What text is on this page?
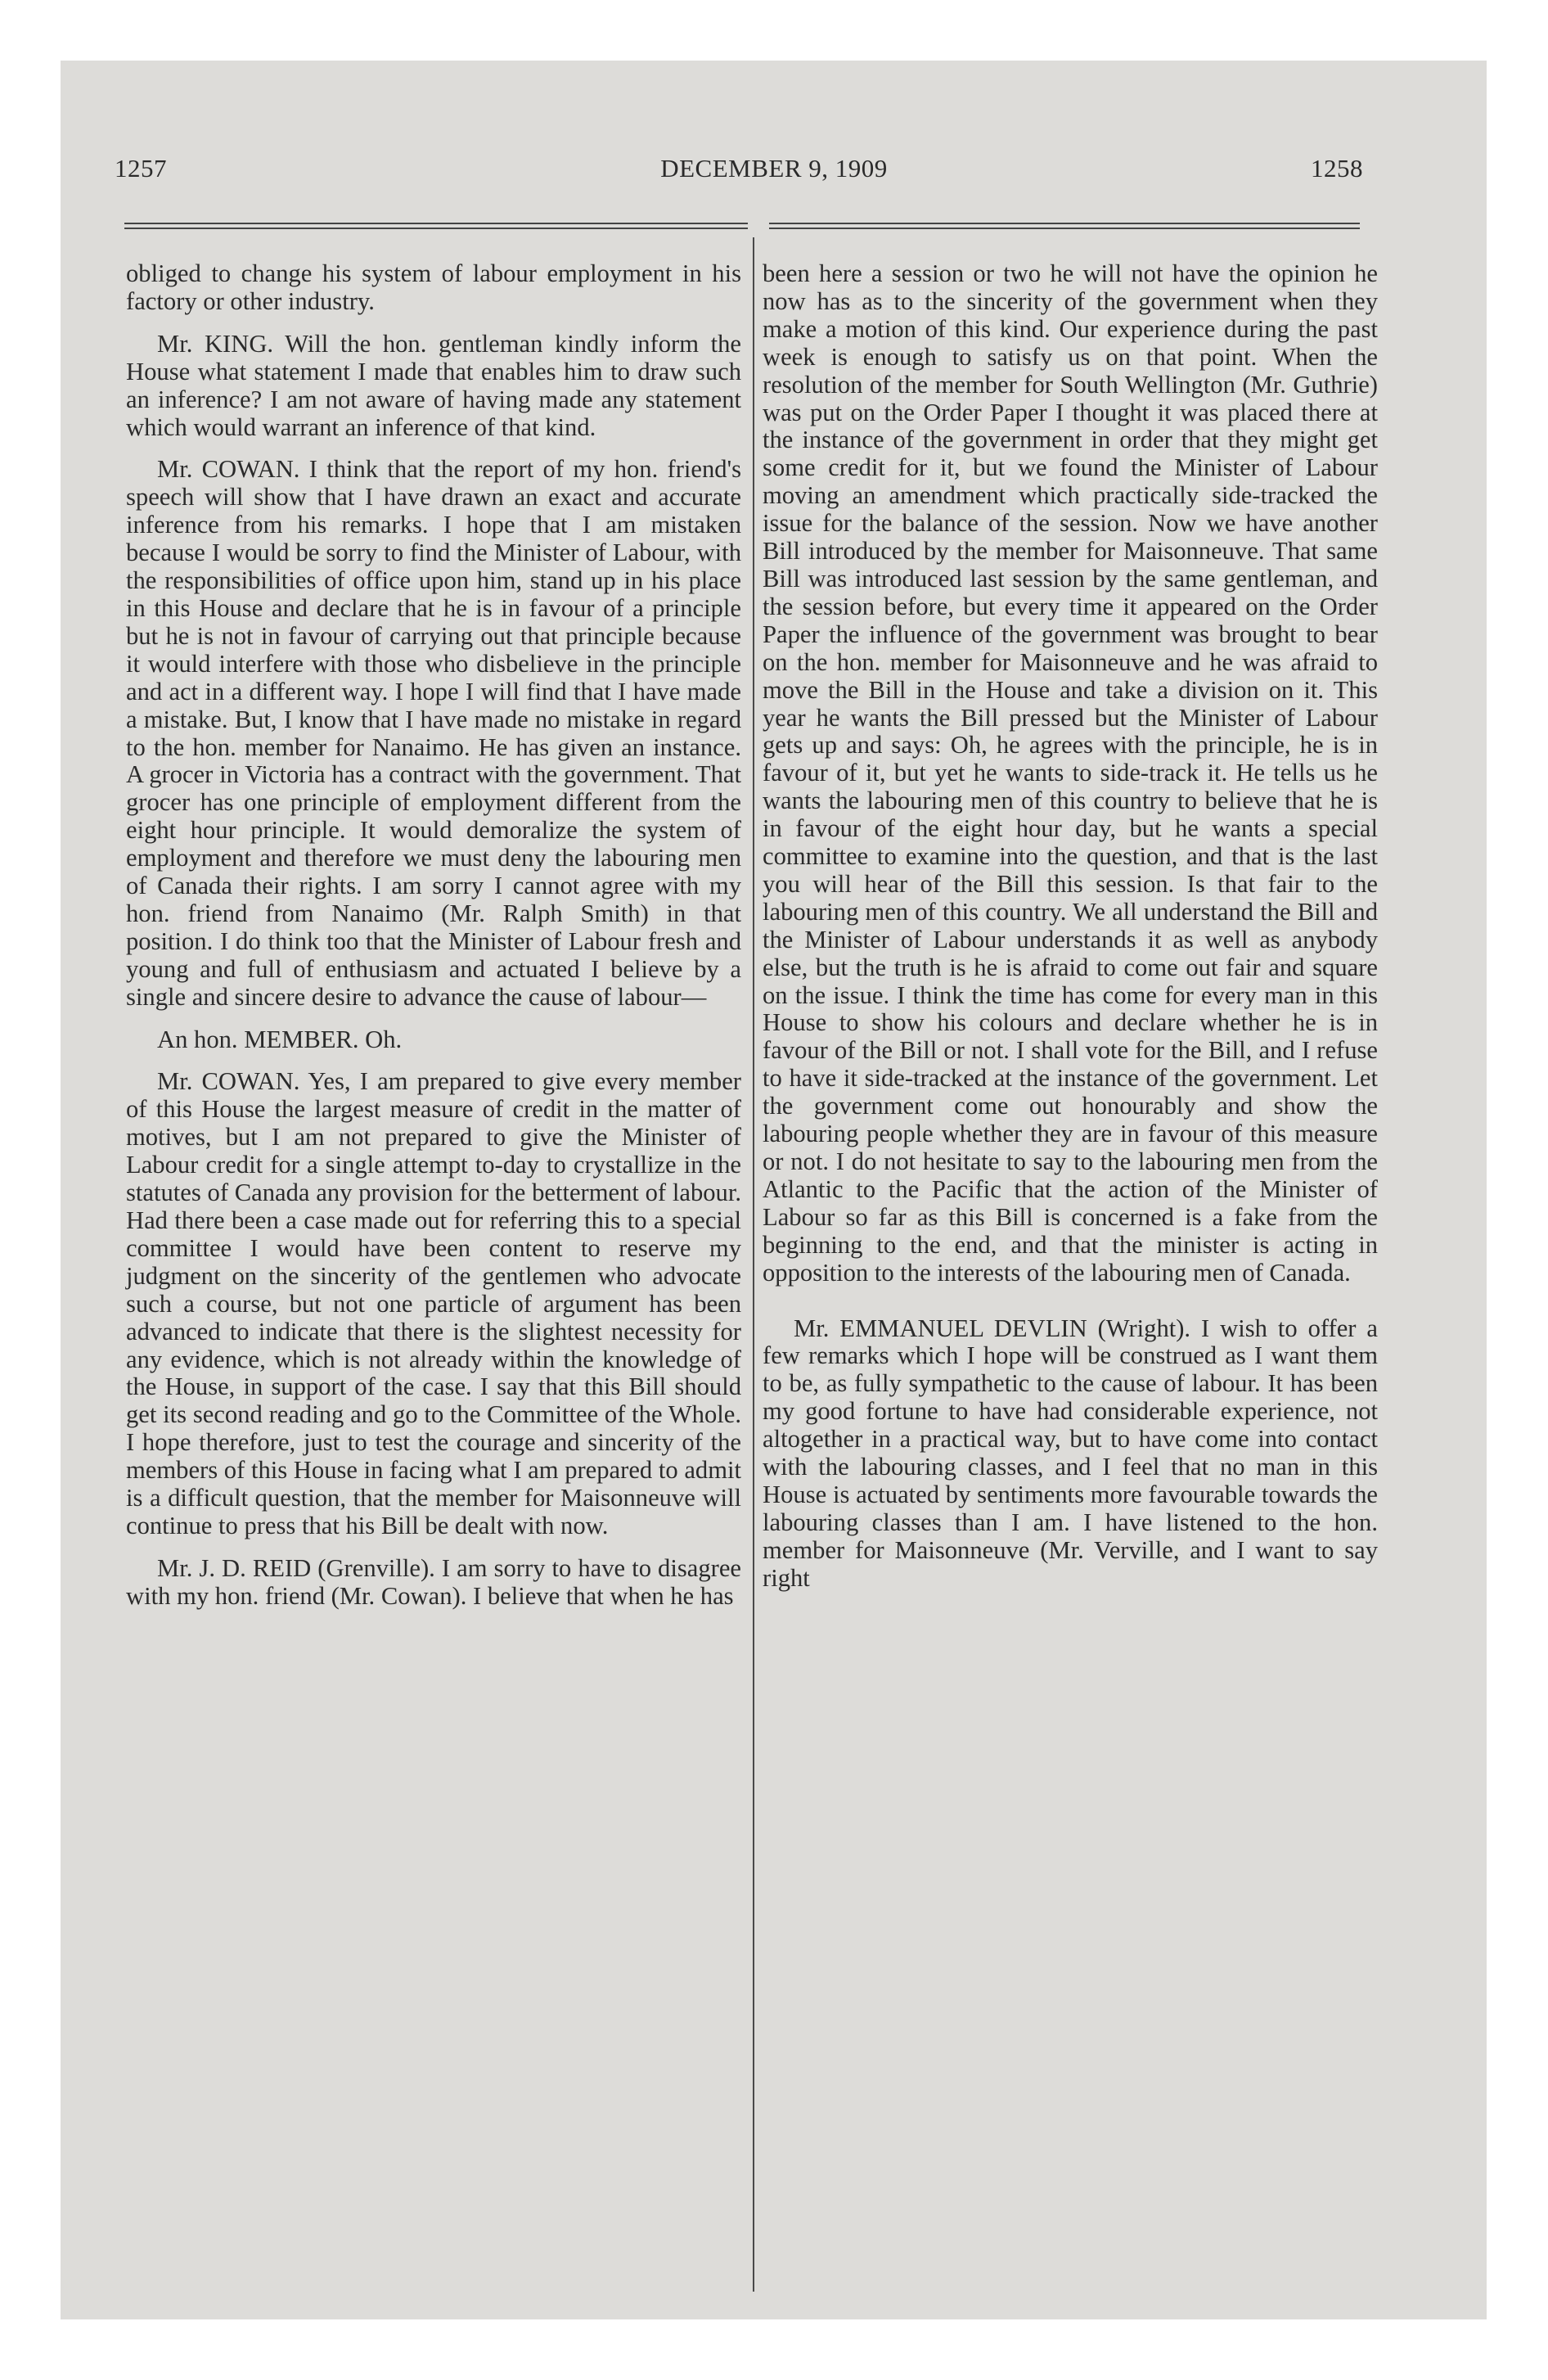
1257	DECEMBER 9, 1909	1258

obliged to change his system of labour employment in his factory or other industry.

Mr. KING. Will the hon. gentleman kindly inform the House what statement I made that enables him to draw such an inference? I am not aware of having made any statement which would warrant an inference of that kind.

Mr. COWAN. I think that the report of my hon. friend's speech will show that I have drawn an exact and accurate inference from his remarks. I hope that I am mistaken because I would be sorry to find the Minister of Labour, with the responsibilities of office upon him, stand up in his place in this House and declare that he is in favour of a principle but he is not in favour of carrying out that principle because it would interfere with those who disbelieve in the principle and act in a different way. I hope I will find that I have made a mistake. But, I know that I have made no mistake in regard to the hon. member for Nanaimo. He has given an instance. A grocer in Victoria has a contract with the government. That grocer has one principle of employment different from the eight hour principle. It would demoralize the system of employment and therefore we must deny the labouring men of Canada their rights. I am sorry I cannot agree with my hon. friend from Nanaimo (Mr. Ralph Smith) in that position. I do think too that the Minister of Labour fresh and young and full of enthusiasm and actuated I believe by a single and sincere desire to advance the cause of labour—

An hon. MEMBER. Oh.

Mr. COWAN. Yes, I am prepared to give every member of this House the largest measure of credit in the matter of motives, but I am not prepared to give the Minister of Labour credit for a single attempt to-day to crystallize in the statutes of Canada any provision for the betterment of labour. Had there been a case made out for referring this to a special committee I would have been content to reserve my judgment on the sincerity of the gentlemen who advocate such a course, but not one particle of argument has been advanced to indicate that there is the slightest necessity for any evidence, which is not already within the knowledge of the House, in support of the case. I say that this Bill should get its second reading and go to the Committee of the Whole. I hope therefore, just to test the courage and sincerity of the members of this House in facing what I am prepared to admit is a difficult question, that the member for Maisonneuve will continue to press that his Bill be dealt with now.

Mr. J. D. REID (Grenville). I am sorry to have to disagree with my hon. friend (Mr. Cowan). I believe that when he has

been here a session or two he will not have the opinion he now has as to the sincerity of the government when they make a motion of this kind. Our experience during the past week is enough to satisfy us on that point. When the resolution of the member for South Wellington (Mr. Guthrie) was put on the Order Paper I thought it was placed there at the instance of the government in order that they might get some credit for it, but we found the Minister of Labour moving an amendment which practically side-tracked the issue for the balance of the session. Now we have another Bill introduced by the member for Maisonneuve. That same Bill was introduced last session by the same gentleman, and the session before, but every time it appeared on the Order Paper the influence of the government was brought to bear on the hon. member for Maisonneuve and he was afraid to move the Bill in the House and take a division on it. This year he wants the Bill pressed but the Minister of Labour gets up and says: Oh, he agrees with the principle, he is in favour of it, but yet he wants to side-track it. He tells us he wants the labouring men of this country to believe that he is in favour of the eight hour day, but he wants a special committee to examine into the question, and that is the last you will hear of the Bill this session. Is that fair to the labouring men of this country. We all understand the Bill and the Minister of Labour understands it as well as anybody else, but the truth is he is afraid to come out fair and square on the issue. I think the time has come for every man in this House to show his colours and declare whether he is in favour of the Bill or not. I shall vote for the Bill, and I refuse to have it side-tracked at the instance of the government. Let the government come out honourably and show the labouring people whether they are in favour of this measure or not. I do not hesitate to say to the labouring men from the Atlantic to the Pacific that the action of the Minister of Labour so far as this Bill is concerned is a fake from the beginning to the end, and that the minister is acting in opposition to the interests of the labouring men of Canada.

Mr. EMMANUEL DEVLIN (Wright). I wish to offer a few remarks which I hope will be construed as I want them to be, as fully sympathetic to the cause of labour. It has been my good fortune to have had considerable experience, not altogether in a practical way, but to have come into contact with the labouring classes, and I feel that no man in this House is actuated by sentiments more favourable towards the labouring classes than I am. I have listened to the hon. member for Maisonneuve (Mr. Verville, and I want to say right
